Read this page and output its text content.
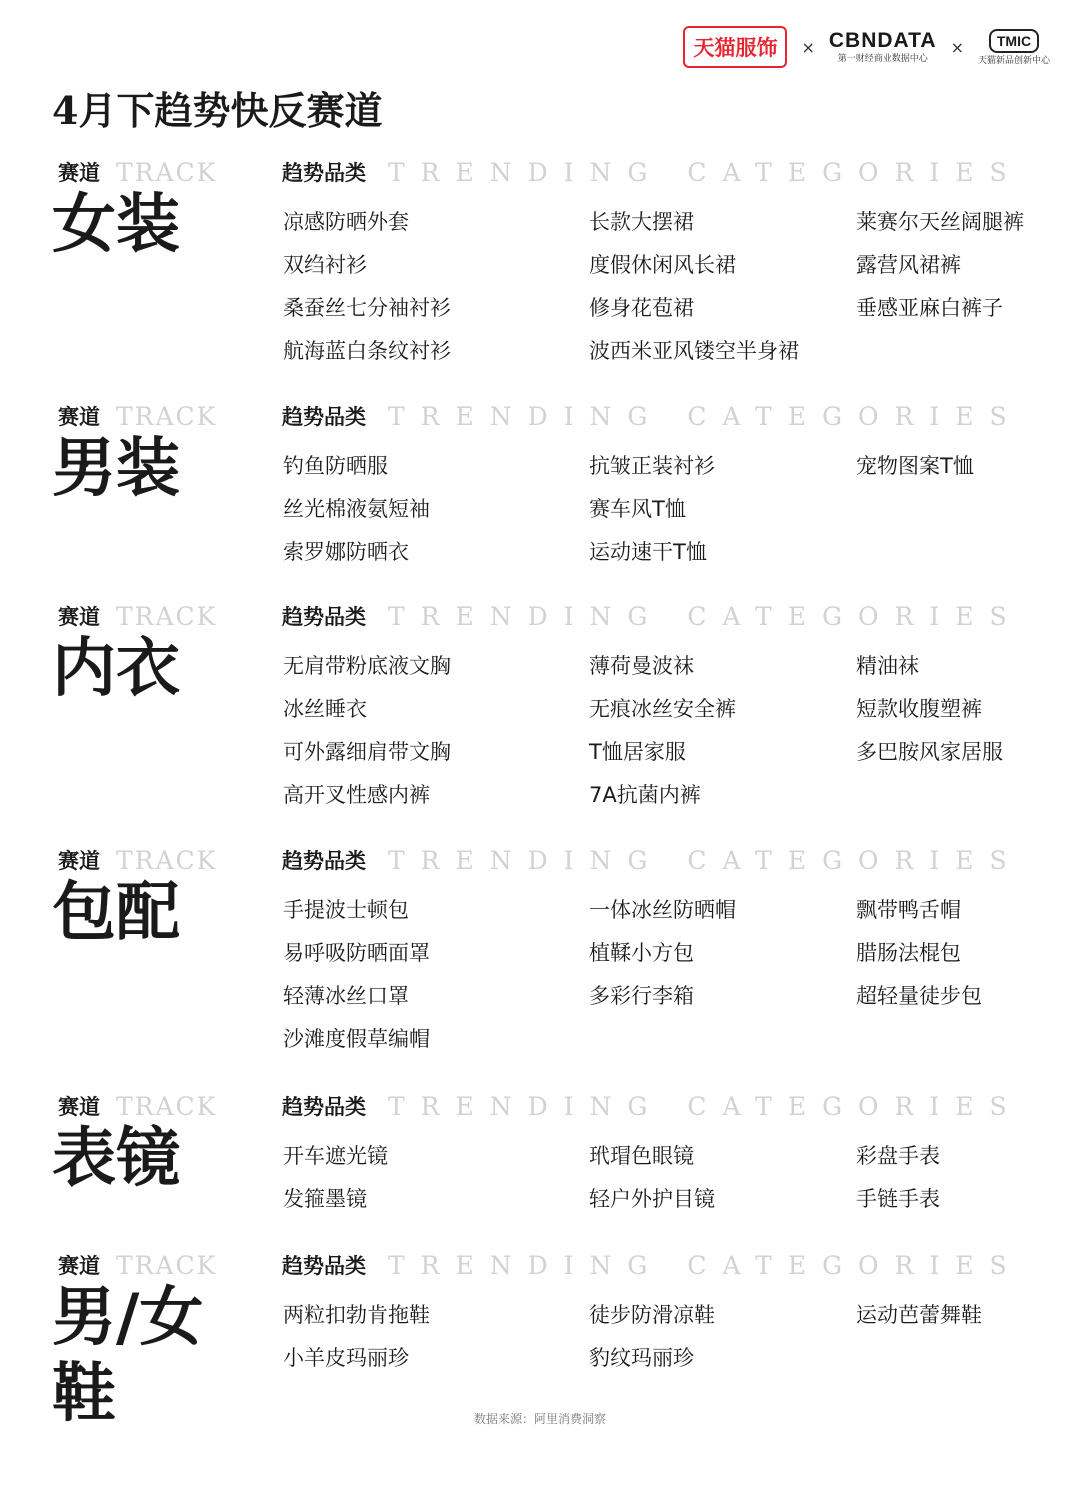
天猫服饰	× CBNDATA
第一财经商业数据中心
×	TMIC
天猫新品创新中心
4月下趋势快反赛道
赛道 TRACK
女装
趋势品类 TRENDING CATEGORIES
凉感防晒外套
双绉衬衫
桑蚕丝七分袖衬衫
航海蓝白条纹衬衫
长款大摆裙
度假休闲风长裙
修身花苞裙
波西米亚风镂空半身裙
莱赛尔天丝阔腿裤
露营风裙裤
垂感亚麻白裤子
赛道 TRACK
男装
趋势品类 TRENDING CATEGORIES
钓鱼防晒服
丝光棉液氨短袖
索罗娜防晒衣
抗皱正装衬衫
赛车风T恤
运动速干T恤
宠物图案T恤
赛道 TRACK
内衣
趋势品类 TRENDING CATEGORIES
无肩带粉底液文胸
冰丝睡衣
可外露细肩带文胸
高开叉性感内裤
薄荷曼波袜
无痕冰丝安全裤
T恤居家服
7A抗菌内裤
精油袜
短款收腹塑裤
多巴胺风家居服
赛道 TRACK
包配
趋势品类 TRENDING CATEGORIES
手提波士顿包
易呼吸防晒面罩
轻薄冰丝口罩
沙滩度假草编帽
一体冰丝防晒帽
植鞣小方包
多彩行李箱
飘带鸭舌帽
腊肠法棍包
超轻量徒步包
赛道 TRACK
表镜
趋势品类 TRENDING CATEGORIES
开车遮光镜
发箍墨镜
玳瑁色眼镜
轻户外护目镜
彩盘手表
手链手表
赛道 TRACK
男/女
鞋
趋势品类 TRENDING CATEGORIES
两粒扣勃肯拖鞋
小羊皮玛丽珍
徒步防滑凉鞋
豹纹玛丽珍
运动芭蕾舞鞋
数据来源：阿里消费洞察
